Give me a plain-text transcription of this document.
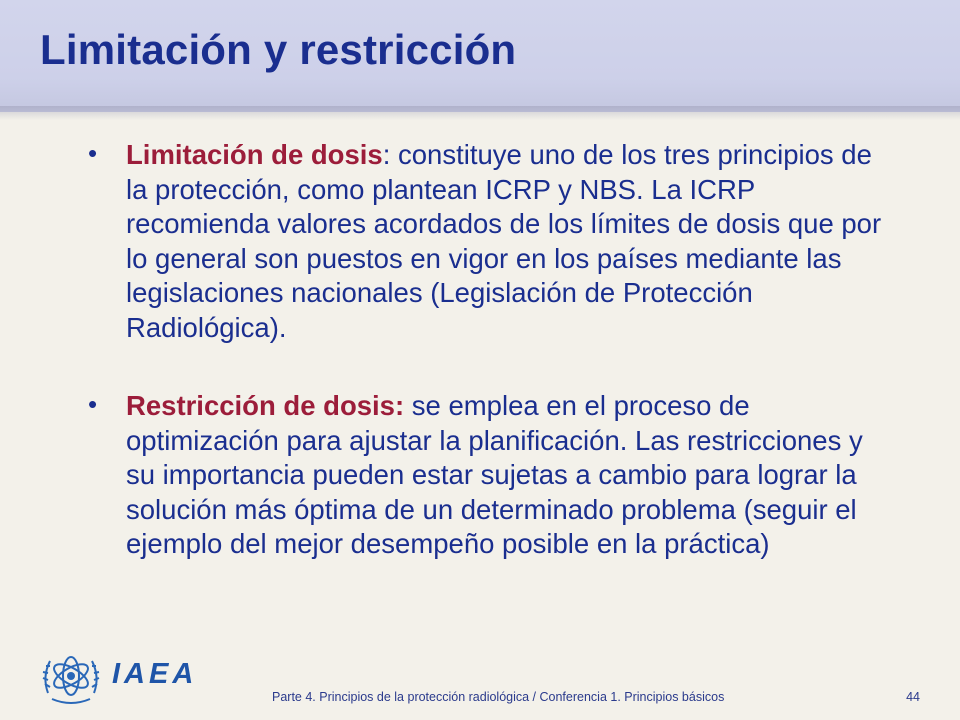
Limitación y restricción
• Limitación de dosis: constituye uno de los tres principios de la protección, como plantean ICRP y NBS. La ICRP recomienda valores acordados de los límites de dosis que por lo general son puestos en vigor en los países mediante las legislaciones nacionales (Legislación de Protección Radiológica).
• Restricción de dosis: se emplea en el proceso de optimización para ajustar la planificación. Las restricciones y su importancia pueden estar sujetas a cambio para lograr la solución más óptima de un determinado problema (seguir el ejemplo del mejor desempeño posible en la práctica)
IAEA
Parte 4. Principios de la protección radiológica / Conferencia 1. Principios básicos	44
